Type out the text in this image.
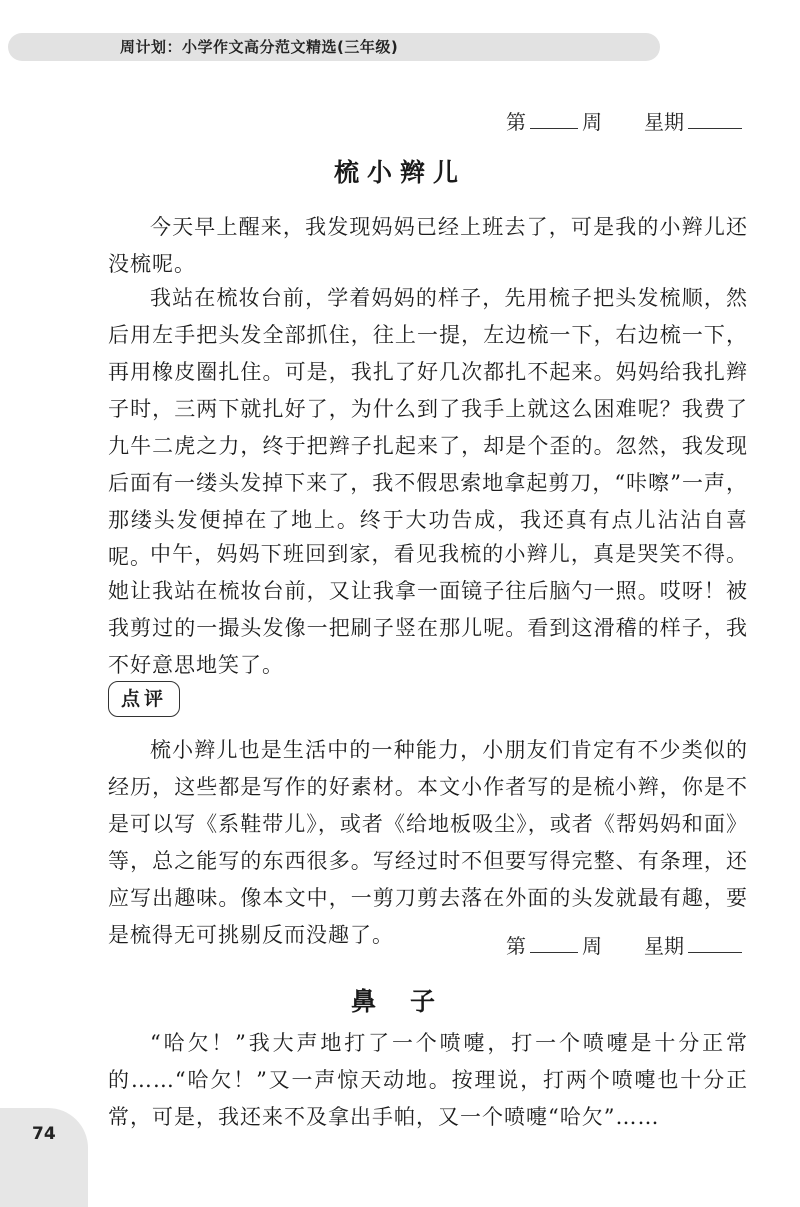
周计划：小学作文高分范文精选(三年级)
第	周 星期
梳小辫儿

今天早上醒来，我发现妈妈已经上班去了，可是我的小辫儿还没梳呢。

我站在梳妆台前，学着妈妈的样子，先用梳子把头发梳顺，然后用左手把头发全部抓住，往上一提，左边梳一下，右边梳一下，再用橡皮圈扎住。可是，我扎了好几次都扎不起来。妈妈给我扎辫子时，三两下就扎好了，为什么到了我手上就这么困难呢？我费了九牛二虎之力，终于把辫子扎起来了，却是个歪的。忽然，我发现后面有一缕头发掉下来了，我不假思索地拿起剪刀，“咔嚓”一声，那缕头发便掉在了地上。终于大功告成，我还真有点儿沾沾自喜呢。

中午，妈妈下班回到家，看见我梳的小辫儿，真是哭笑不得。她让我站在梳妆台前，又让我拿一面镜子往后脑勺一照。哎呀！被我剪过的一撮头发像一把刷子竖在那儿呢。看到这滑稽的样子，我不好意思地笑了。

点评

梳小辫儿也是生活中的一种能力，小朋友们肯定有不少类似的经历，这些都是写作的好素材。本文小作者写的是梳小辫，你是不是可以写《系鞋带儿》，或者《给地板吸尘》，或者《帮妈妈和面》等，总之能写的东西很多。写经过时不但要写得完整、有条理，还应写出趣味。像本文中，一剪刀剪去落在外面的头发就最有趣，要是梳得无可挑剔反而没趣了。	第	周 星期
鼻子

“哈欠！”我大声地打了一个喷嚏，打一个喷嚏是十分正常的……“哈欠！”又一声惊天动地。按理说，打两个喷嚏也十分正常，可是，我还来不及拿出手帕，又一个喷嚏“哈欠”……

74
